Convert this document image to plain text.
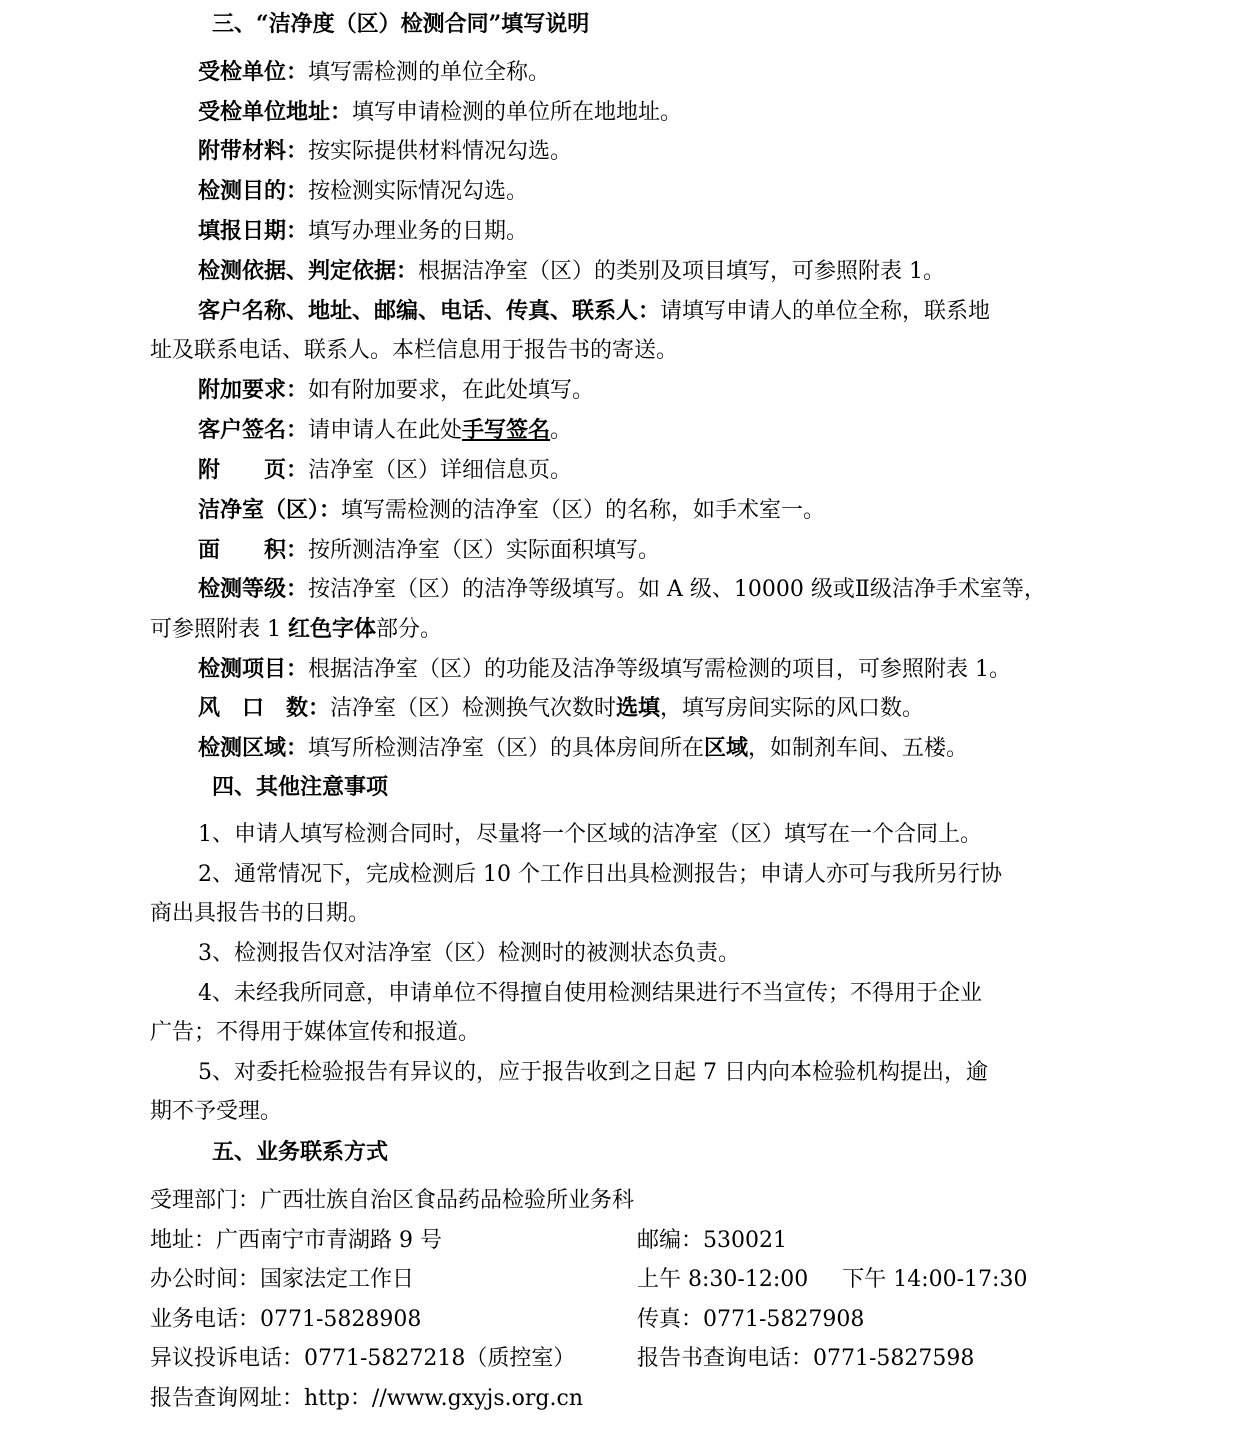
三、“洁净度（区）检测合同”填写说明
受检单位：填写需检测的单位全称。
受检单位地址：填写申请检测的单位所在地地址。
附带材料：按实际提供材料情况勾选。
检测目的：按检测实际情况勾选。
填报日期：填写办理业务的日期。
检测依据、判定依据：根据洁净室（区）的类别及项目填写，可参照附表 1。
客户名称、地址、邮编、电话、传真、联系人：请填写申请人的单位全称，联系地
址及联系电话、联系人。本栏信息用于报告书的寄送。
附加要求：如有附加要求，在此处填写。
客户签名：请申请人在此处手写签名。
附　　页：洁净室（区）详细信息页。
洁净室（区）：填写需检测的洁净室（区）的名称，如手术室一。
面　　积：按所测洁净室（区）实际面积填写。
检测等级：按洁净室（区）的洁净等级填写。如 A 级、10000 级或Ⅱ级洁净手术室等，
可参照附表 1 红色字体部分。
检测项目：根据洁净室（区）的功能及洁净等级填写需检测的项目，可参照附表 1。
风　口　数：洁净室（区）检测换气次数时选填，填写房间实际的风口数。
检测区域：填写所检测洁净室（区）的具体房间所在区域，如制剂车间、五楼。
四、其他注意事项
1、申请人填写检测合同时，尽量将一个区域的洁净室（区）填写在一个合同上。
2、通常情况下，完成检测后 10 个工作日出具检测报告；申请人亦可与我所另行协
商出具报告书的日期。
3、检测报告仅对洁净室（区）检测时的被测状态负责。
4、未经我所同意，申请单位不得擅自使用检测结果进行不当宣传；不得用于企业
广告；不得用于媒体宣传和报道。
5、对委托检验报告有异议的，应于报告收到之日起 7 日内向本检验机构提出，逾
期不予受理。
五、业务联系方式
受理部门：广西壮族自治区食品药品检验所业务科
地址：广西南宁市青湖路 9 号	邮编：530021
办公时间：国家法定工作日	上午 8:30-12:00 下午 14:00-17:30
业务电话：0771-5828908	传真：0771-5827908
异议投诉电话：0771-5827218（质控室）	报告书查询电话：0771-5827598
报告查询网址：http：//www.gxyjs.org.cn
